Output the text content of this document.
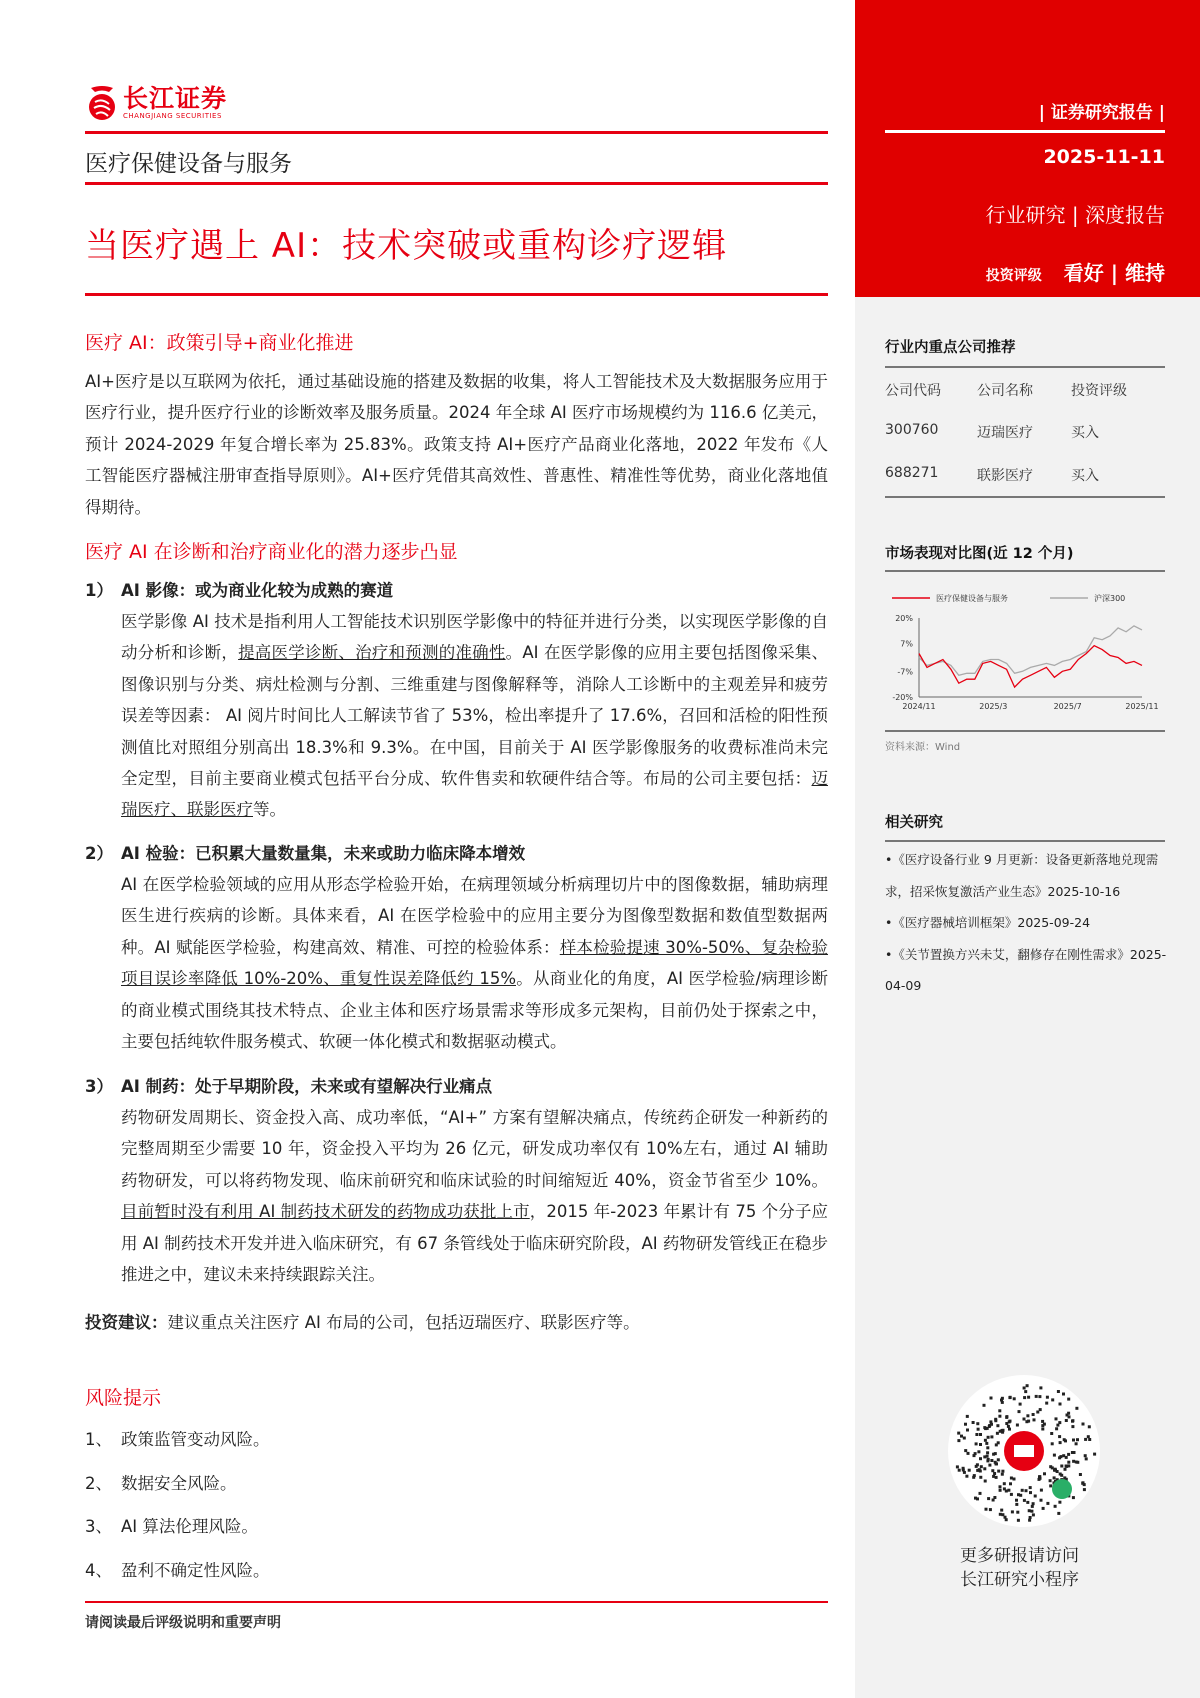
| 证券研究报告 |
2025-11-11
行业研究 | 深度报告
投资评级 看好 | 维持
长江证券
CHANGJIANG SECURITIES
医疗保健设备与服务
当医疗遇上 AI：技术突破或重构诊疗逻辑
医疗 AI：政策引导+商业化推进
AI+医疗是以互联网为依托，通过基础设施的搭建及数据的收集，将人工智能技术及大数据服务应用于医疗行业，提升医疗行业的诊断效率及服务质量。2024 年全球 AI 医疗市场规模约为 116.6 亿美元，预计 2024-2029 年复合增长率为 25.83%。政策支持 AI+医疗产品商业化落地，2022 年发布《人工智能医疗器械注册审查指导原则》。AI+医疗凭借其高效性、普惠性、精准性等优势，商业化落地值得期待。
医疗 AI 在诊断和治疗商业化的潜力逐步凸显
1） AI 影像：或为商业化较为成熟的赛道
医学影像 AI 技术是指利用人工智能技术识别医学影像中的特征并进行分类，以实现医学影像的自动分析和诊断，提高医学诊断、治疗和预测的准确性。AI 在医学影像的应用主要包括图像采集、图像识别与分类、病灶检测与分割、三维重建与图像解释等，消除人工诊断中的主观差异和疲劳误差等因素： AI 阅片时间比人工解读节省了 53%，检出率提升了 17.6%，召回和活检的阳性预测值比对照组分别高出 18.3%和 9.3%。在中国，目前关于 AI 医学影像服务的收费标准尚未完全定型，目前主要商业模式包括平台分成、软件售卖和软硬件结合等。布局的公司主要包括：迈瑞医疗、联影医疗等。
2） AI 检验：已积累大量数量集，未来或助力临床降本增效
AI 在医学检验领域的应用从形态学检验开始，在病理领域分析病理切片中的图像数据，辅助病理医生进行疾病的诊断。具体来看，AI 在医学检验中的应用主要分为图像型数据和数值型数据两种。AI 赋能医学检验，构建高效、精准、可控的检验体系：样本检验提速 30%-50%、复杂检验项目误诊率降低 10%-20%、重复性误差降低约 15%。从商业化的角度，AI 医学检验/病理诊断的商业模式围绕其技术特点、企业主体和医疗场景需求等形成多元架构，目前仍处于探索之中，主要包括纯软件服务模式、软硬一体化模式和数据驱动模式。
3） AI 制药：处于早期阶段，未来或有望解决行业痛点
药物研发周期长、资金投入高、成功率低，“AI+” 方案有望解决痛点，传统药企研发一种新药的完整周期至少需要 10 年，资金投入平均为 26 亿元，研发成功率仅有 10%左右，通过 AI 辅助药物研发，可以将药物发现、临床前研究和临床试验的时间缩短近 40%，资金节省至少 10%。目前暂时没有利用 AI 制药技术研发的药物成功获批上市，2015 年-2023 年累计有 75 个分子应用 AI 制药技术开发并进入临床研究，有 67 条管线处于临床研究阶段，AI 药物研发管线正在稳步推进之中，建议未来持续跟踪关注。
投资建议：建议重点关注医疗 AI 布局的公司，包括迈瑞医疗、联影医疗等。
风险提示
1、 政策监管变动风险。
2、 数据安全风险。
3、 AI 算法伦理风险。
4、 盈利不确定性风险。
请阅读最后评级说明和重要声明
行业内重点公司推荐
公司代码	公司名称	投资评级
300760	迈瑞医疗	买入
688271	联影医疗	买入
市场表现对比图(近 12 个月)
20%
7%
-7%
-20%
2024/11	2025/3	2025/7	2025/11
医疗保健设备与服务	沪深300
资料来源：Wind
相关研究
•《医疗设备行业 9 月更新：设备更新落地兑现需求，招采恢复激活产业生态》2025-10-16
•《医疗器械培训框架》2025-09-24
•《关节置换方兴未艾，翻修存在刚性需求》2025-04-09
更多研报请访问
长江研究小程序
